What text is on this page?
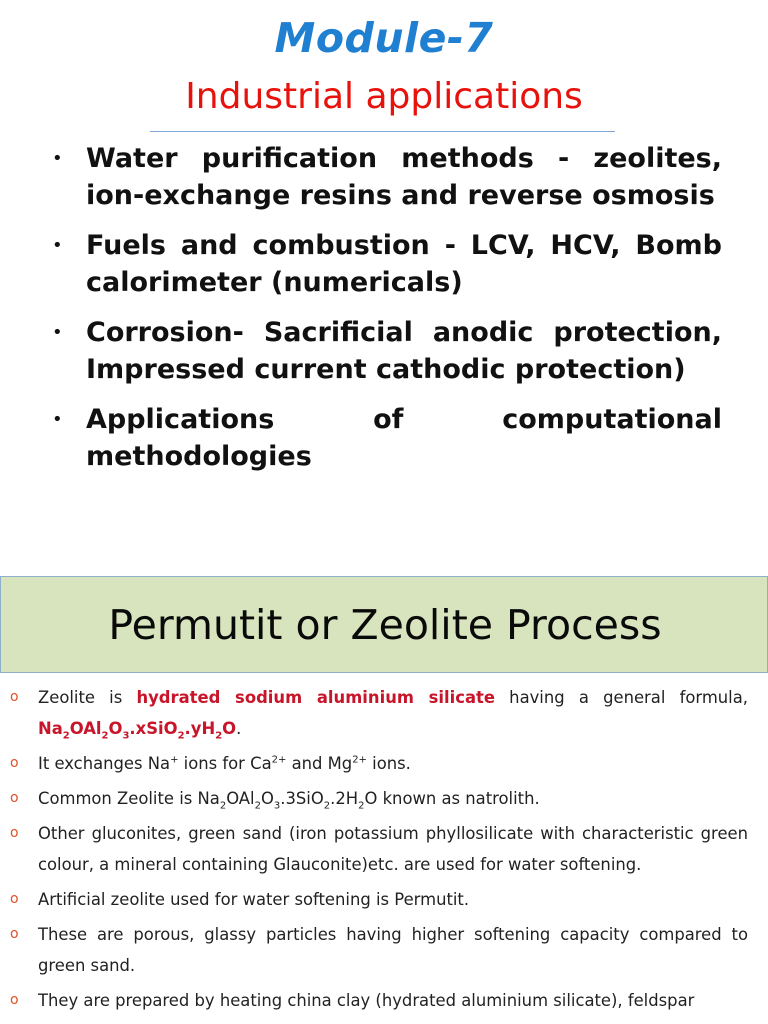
Module-7
Industrial applications
• Water purification methods - zeolites, ion-exchange resins and reverse osmosis
• Fuels and combustion - LCV, HCV, Bomb calorimeter (numericals)
• Corrosion- Sacrificial anodic protection, Impressed current cathodic protection)
• Applications of computational methodologies
Permutit or Zeolite Process
o Zeolite is hydrated sodium aluminium silicate having a general formula, $Na_2OAl_2O_3.xSiO_2.yH_2O$.
o It exchanges Na+ ions for $Ca^{2+}$ and $Mg^{2+}$ ions.
o Common Zeolite is $Na_2OAl_2O_3.3SiO_2.2H_2O$ known as natrolith.
o Other gluconites, green sand (iron potassium phyllosilicate with characteristic green colour, a mineral containing Glauconite)etc. are used for water softening.
o Artificial zeolite used for water softening is Permutit.
o These are porous, glassy particles having higher softening capacity compared to green sand.
o They are prepared by heating china clay (hydrated aluminium silicate), feldspar
